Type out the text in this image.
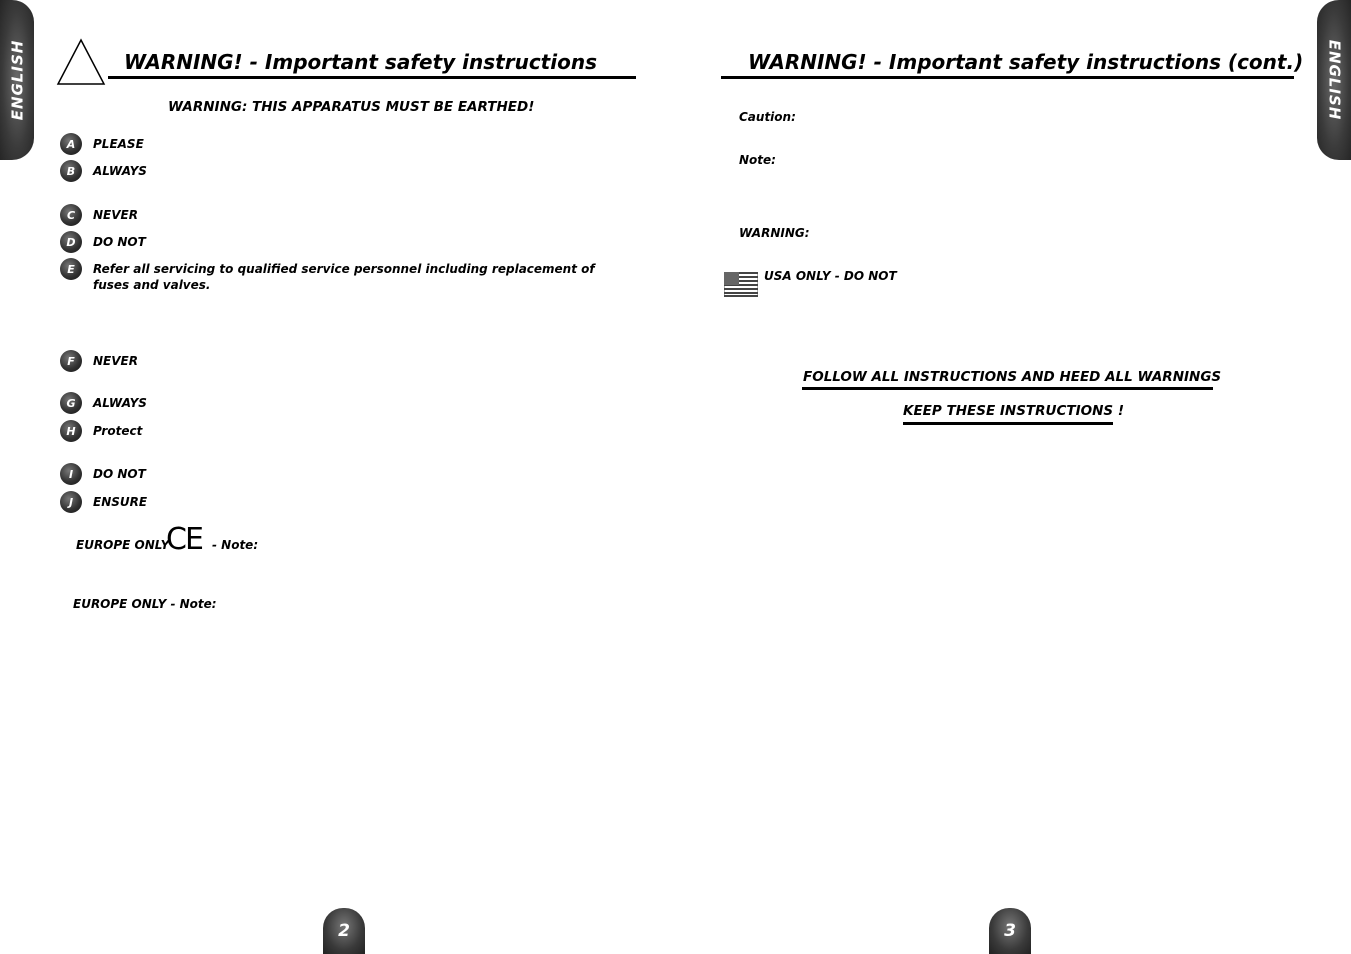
ENGLISH	WARNING! - Important safety instructions
WARNING: THIS APPARATUS MUST BE EARTHED!
A	PLEASE
B	ALWAYS
C	NEVER
D	DO NOT
E	Refer all servicing to qualified service personnel including replacement of fuses and valves.
F	NEVER
G	ALWAYS
H	Protect
I	DO NOT
J	ENSURE
EUROPE ONLY
CE - Note:
EUROPE ONLY - Note:
2
ENGLISH
WARNING! - Important safety instructions (cont.)
Caution:
Note:
WARNING:
USA ONLY - DO NOT
FOLLOW ALL INSTRUCTIONS AND HEED ALL WARNINGS
KEEP THESE INSTRUCTIONS !
3
